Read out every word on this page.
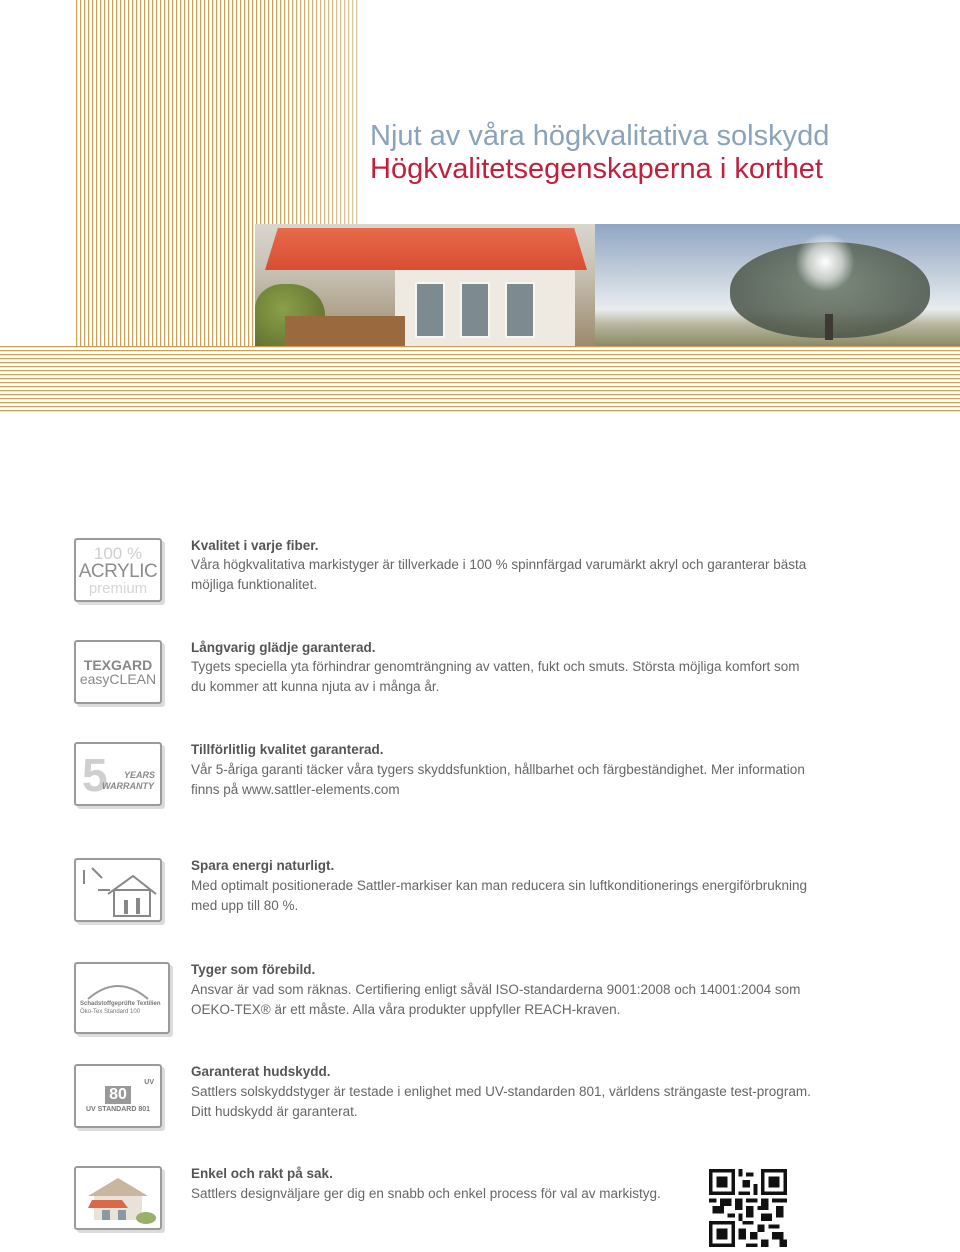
Njut av våra högkvalitativa solskydd
Högkvalitetsegenskaperna i korthet
100 %
ACRYLIC
premium
Kvalitet i varje fiber.
Våra högkvalitativa markistyger är tillverkade i 100 % spinnfärgad varumärkt akryl och garanterar bästa möjliga funktionalitet.
TEXGARD
easyCLEAN
Långvarig glädje garanterad.
Tygets speciella yta förhindrar genomträngning av vatten, fukt och smuts. Största möjliga komfort som du kommer att kunna njuta av i många år.
5 YEARS
WARRANTY
Tillförlitlig kvalitet garanterad.
Vår 5-åriga garanti täcker våra tygers skyddsfunktion, hållbarhet och färgbeständighet. Mer information finns på www.sattler-elements.com
Spara energi naturligt.
Med optimalt positionerade Sattler-markiser kan man reducera sin luftkonditionerings energiförbrukning med upp till 80 %.
Schadstoffgeprüfte Textilien
Öko-Tex Standard 100
Tyger som förebild.
Ansvar är vad som räknas. Certifiering enligt såväl ISO-standarderna 9001:2008 och 14001:2004 som OEKO-TEX® är ett måste. Alla våra produkter uppfyller REACH-kraven.
UV
80
UV STANDARD 801
Garanterat hudskydd.
Sattlers solskyddstyger är testade i enlighet med UV-standarden 801, världens strängaste test-program. Ditt hudskydd är garanterat.
Enkel och rakt på sak.
Sattlers designväljare ger dig en snabb och enkel process för val av markistyg.
